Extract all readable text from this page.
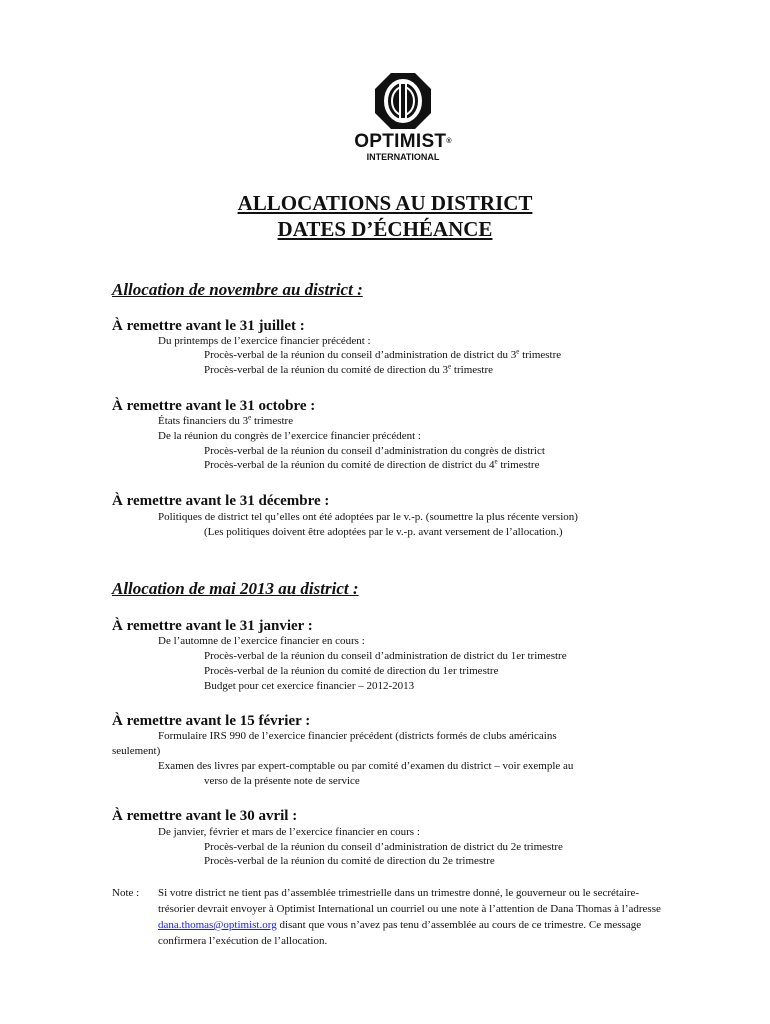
OPTIMIST®
INTERNATIONAL
ALLOCATIONS AU DISTRICT
DATES D’ÉCHÉANCE
Allocation de novembre au district :
À remettre avant le 31 juillet :
Du printemps de l’exercice financier précédent :
Procès-verbal de la réunion du conseil d’administration de district du 3e trimestre
Procès-verbal de la réunion du comité de direction du 3e trimestre
À remettre avant le 31 octobre :
États financiers du 3e trimestre
De la réunion du congrès de l’exercice financier précédent :
Procès-verbal de la réunion du conseil d’administration du congrès de district
Procès-verbal de la réunion du comité de direction de district du 4e trimestre
À remettre avant le 31 décembre :
Politiques de district tel qu’elles ont été adoptées par le v.-p. (soumettre la plus récente version)
(Les politiques doivent être adoptées par le v.-p. avant versement de l’allocation.)
Allocation de mai 2013 au district :
À remettre avant le 31 janvier :
De l’automne de l’exercice financier en cours :
Procès-verbal de la réunion du conseil d’administration de district du 1er trimestre
Procès-verbal de la réunion du comité de direction du 1er trimestre
Budget pour cet exercice financier – 2012-2013
À remettre avant le 15 février :
Formulaire IRS 990 de l’exercice financier précédent (districts formés de clubs américains
seulement)
Examen des livres par expert-comptable ou par comité d’examen du district – voir exemple au
verso de la présente note de service
À remettre avant le 30 avril :
De janvier, février et mars de l’exercice financier en cours :
Procès-verbal de la réunion du conseil d’administration de district du 2e trimestre
Procès-verbal de la réunion du comité de direction du 2e trimestre
Note : Si votre district ne tient pas d’assemblée trimestrielle dans un trimestre donné, le gouverneur ou le secrétaire-trésorier devrait envoyer à Optimist International un courriel ou une note à l’attention de Dana Thomas à l’adresse dana.thomas@optimist.org disant que vous n’avez pas tenu d’assemblée au cours de ce trimestre. Ce message confirmera l’exécution de l’allocation.
